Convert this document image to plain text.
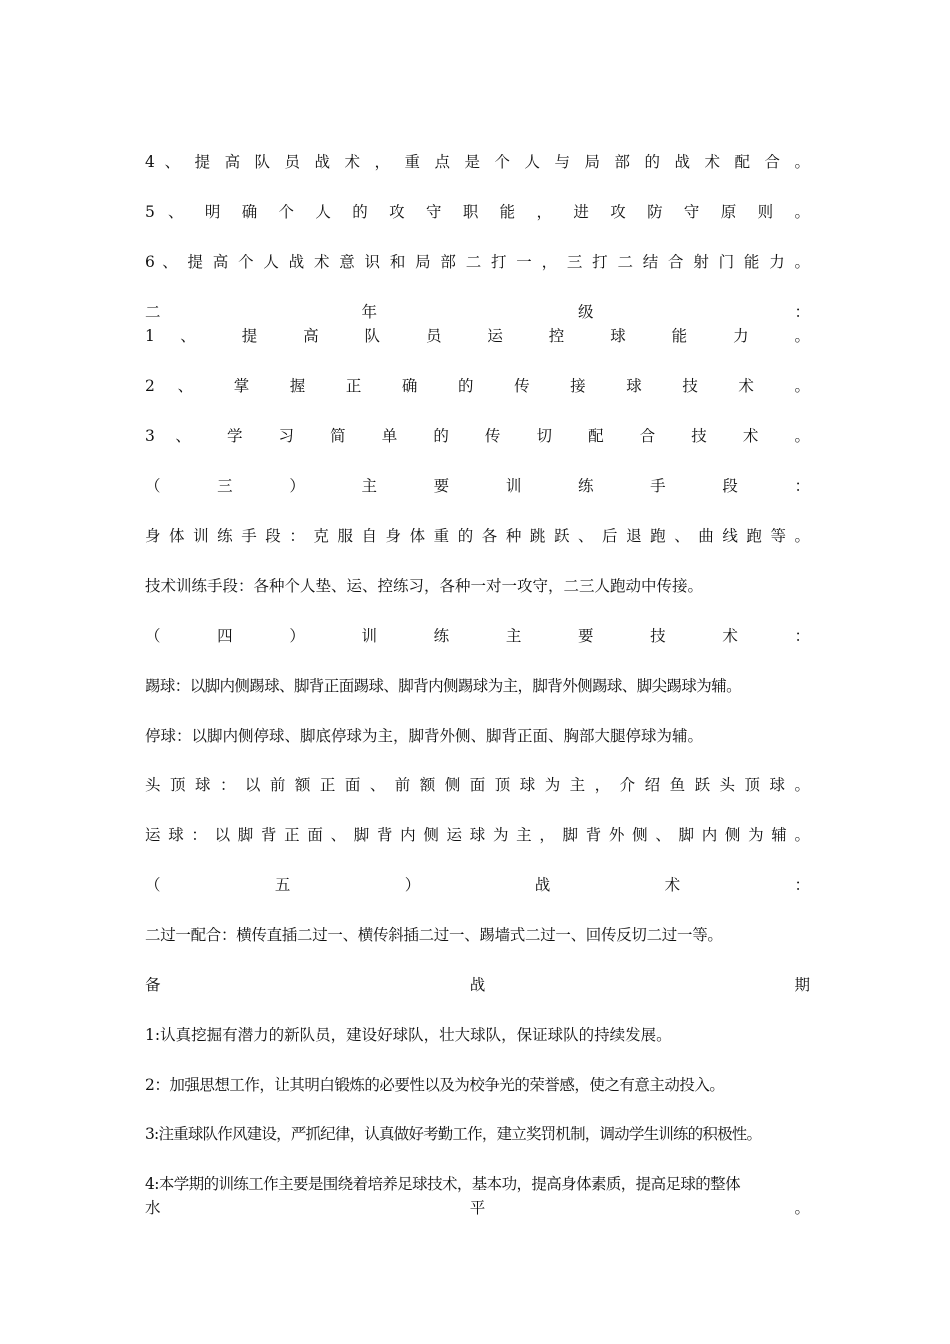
4 、 提 高 队 员 战 术 ， 重 点 是 个 人 与 局 部 的 战 术 配 合 。
5 、 明 确 个 人 的 攻 守 职 能 ， 进 攻 防 守 原 则 。
6 、 提 高 个 人 战 术 意 识 和 局 部 二 打 一 ， 三 打 二 结 合 射 门 能 力 。
二 年 级 ：
1 、 提 高 队 员 运 控 球 能 力 。
2 、 掌 握 正 确 的 传 接 球 技 术 。
3 、 学 习 简 单 的 传 切 配 合 技 术 。
（ 三 ） 主 要 训 练 手 段 ：
身 体 训 练 手 段 ： 克 服 自 身 体 重 的 各 种 跳 跃 、 后 退 跑 、 曲 线 跑 等 。
技术训练手段：各种个人垫、运、控练习，各种一对一攻守，二三人跑动中传接。
（ 四 ） 训 练 主 要 技 术 ：
踢球：以脚内侧踢球、脚背正面踢球、脚背内侧踢球为主，脚背外侧踢球、脚尖踢球为辅。
停球：以脚内侧停球、脚底停球为主，脚背外侧、脚背正面、胸部大腿停球为辅。
头 顶 球 ： 以 前 额 正 面 、 前 额 侧 面 顶 球 为 主 ， 介 绍 鱼 跃 头 顶 球 。
运 球 ： 以 脚 背 正 面 、 脚 背 内 侧 运 球 为 主 ， 脚 背 外 侧 、 脚 内 侧 为 辅 。
（ 五 ） 战 术 ：
二过一配合：横传直插二过一、横传斜插二过一、踢墙式二过一、回传反切二过一等。
备 战 期
1:认真挖掘有潜力的新队员，建设好球队，壮大球队，保证球队的持续发展。
2：加强思想工作，让其明白锻炼的必要性以及为校争光的荣誉感，使之有意主动投入。
3:注重球队作风建设，严抓纪律，认真做好考勤工作，建立奖罚机制，调动学生训练的积极性。
4:本学期的训练工作主要是围绕着培养足球技术，基本功，提高身体素质，提高足球的整体
水 平 。
